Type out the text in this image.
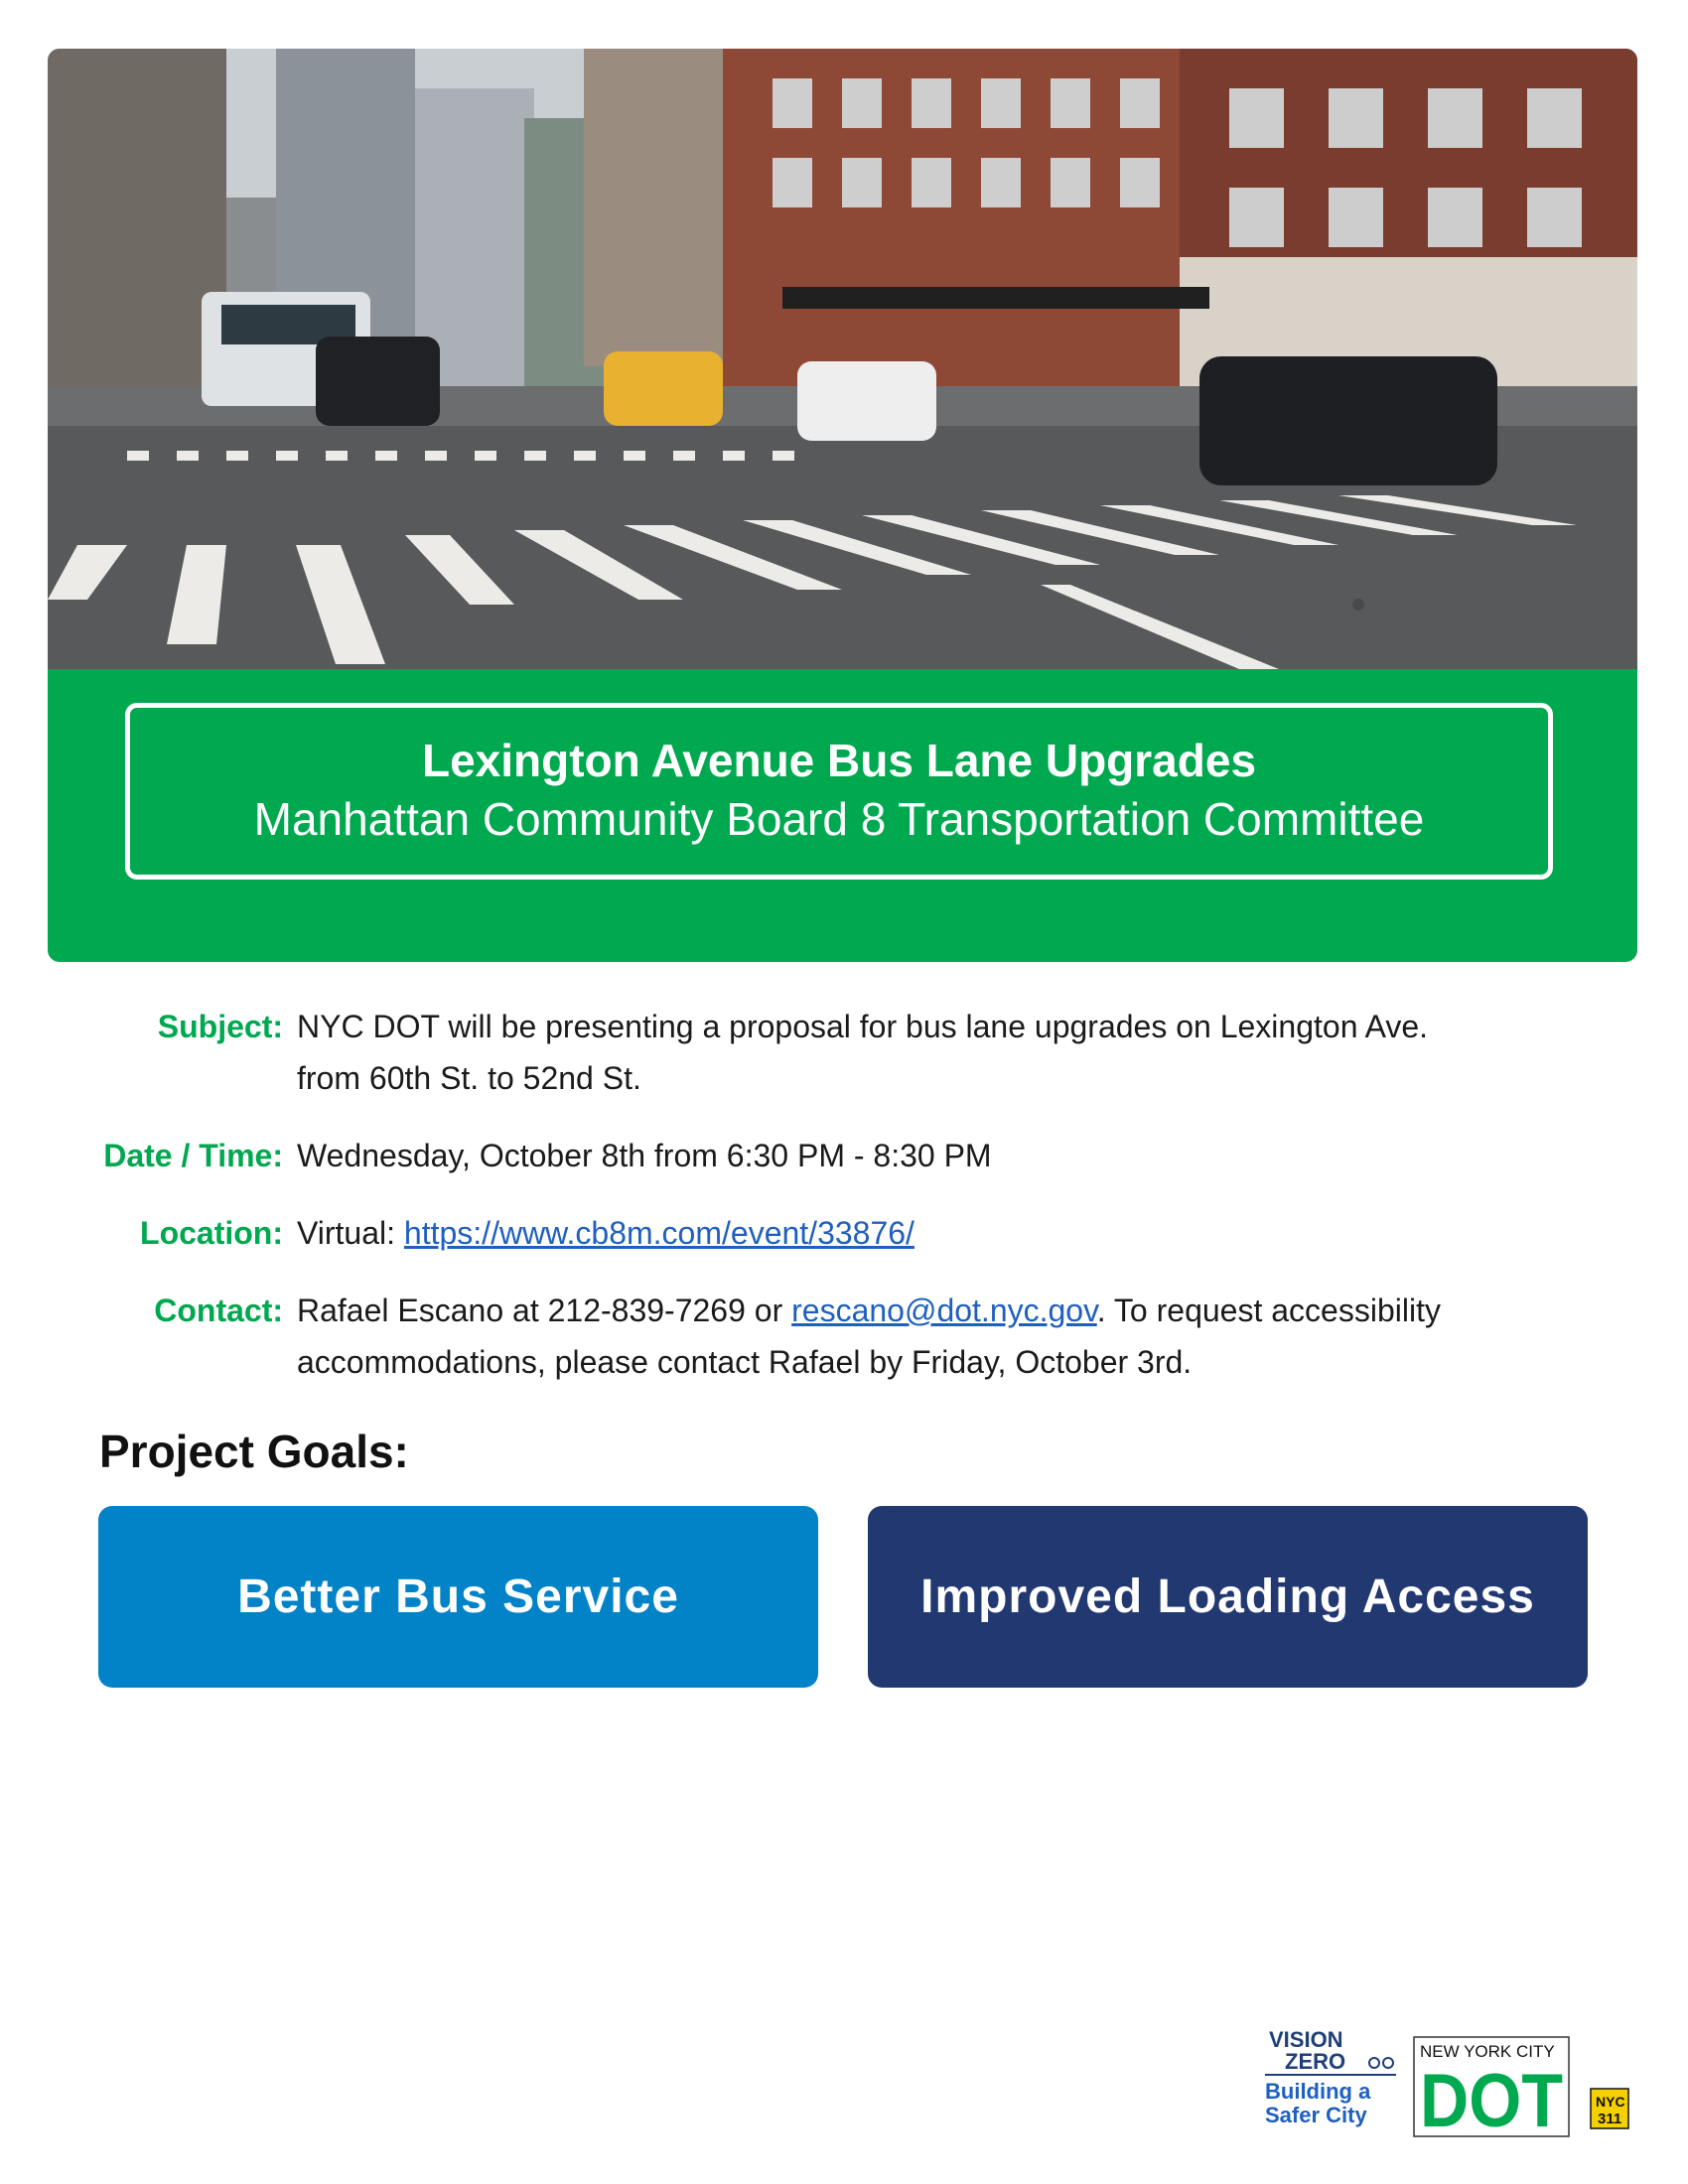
Lexington Avenue Bus Lane Upgrades
Manhattan Community Board 8 Transportation Committee
Subject: NYC DOT will be presenting a proposal for bus lane upgrades on Lexington Ave.
from 60th St. to 52nd St.
Date / Time: Wednesday, October 8th from 6:30 PM - 8:30 PM
Location: Virtual: https://www.cb8m.com/event/33876/
Contact: Rafael Escano at 212-839-7269 or rescano@dot.nyc.gov. To request accessibility
accommodations, please contact Rafael by Friday, October 3rd.
Project Goals:
Better Bus Service	Improved Loading Access
VISION
ZERO
Building a
Safer City
NEW YORK CITY
DOT NYC
311
